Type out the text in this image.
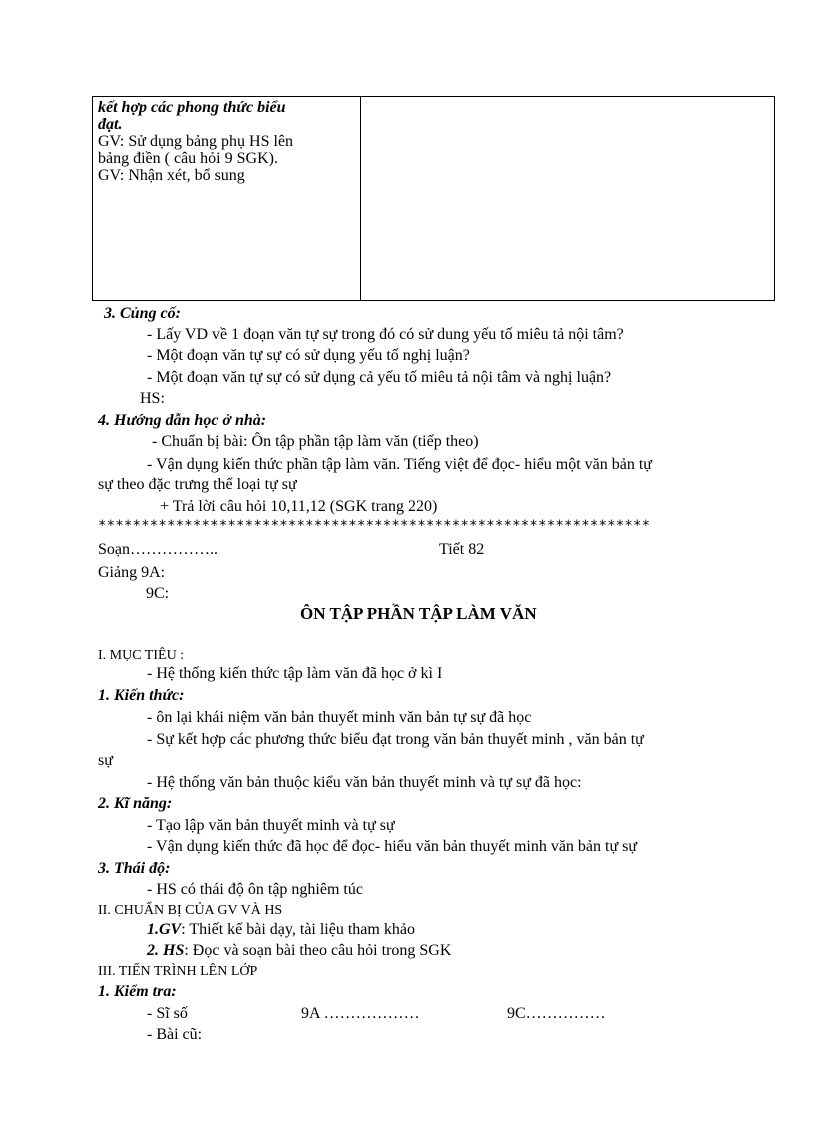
kết hợp các phong thức biểu
đạt.
GV: Sử dụng bảng phụ HS lên
bảng điền ( câu hỏi 9 SGK).
GV: Nhận xét, bổ sung

3. Củng cố:
- Lấy VD về 1 đoạn văn tự sự trong đó có sử dung yếu tố miêu tả nội tâm?
- Một đoạn văn tự sự có sử dụng yếu tố nghị luận?
- Một đoạn văn tự sự có sử dụng cả yếu tố miêu tả nội tâm và nghị luận?
HS:
4. Hướng dẫn học ở nhà:
- Chuẩn bị bài: Ôn tập phần tập làm văn (tiếp theo)
- Vận dụng kiến thức phần tập làm văn. Tiếng việt để đọc- hiểu một văn bản tự
sự theo đặc trưng thể loại tự sự
+ Trả lời câu hỏi 10,11,12 (SGK trang 220)
****************************************************************
Soạn……………..	Tiết 82
Giảng 9A:
9C:
ÔN TẬP PHẦN TẬP LÀM VĂN
I. MỤC TIÊU :
- Hệ thống kiến thức tập làm văn đã học ở kì I
1. Kiến thức:
- ôn lại khái niệm văn bản thuyết minh văn bản tự sự đã học
- Sự kết hợp các phương thức biểu đạt trong văn bản thuyết minh , văn bản tự
sự
- Hệ thống văn bản thuộc kiểu văn bản thuyết minh và tự sự đã học:
2. Kĩ năng:
- Tạo lập văn bản thuyết minh và tự sự
- Vận dụng kiến thức đã học để đọc- hiểu văn bản thuyết minh văn bản tự sự
3. Thái độ:
- HS có thái độ ôn tập nghiêm túc
II. CHUẨN BỊ CỦA GV VÀ HS
1.GV: Thiết kế bài dạy, tài liệu tham khảo
2. HS: Đọc và soạn bài theo câu hỏi trong SGK
III. TIẾN TRÌNH LÊN LỚP
1. Kiểm tra:
- Sĩ số	9A ………………	9C……………
- Bài cũ:
